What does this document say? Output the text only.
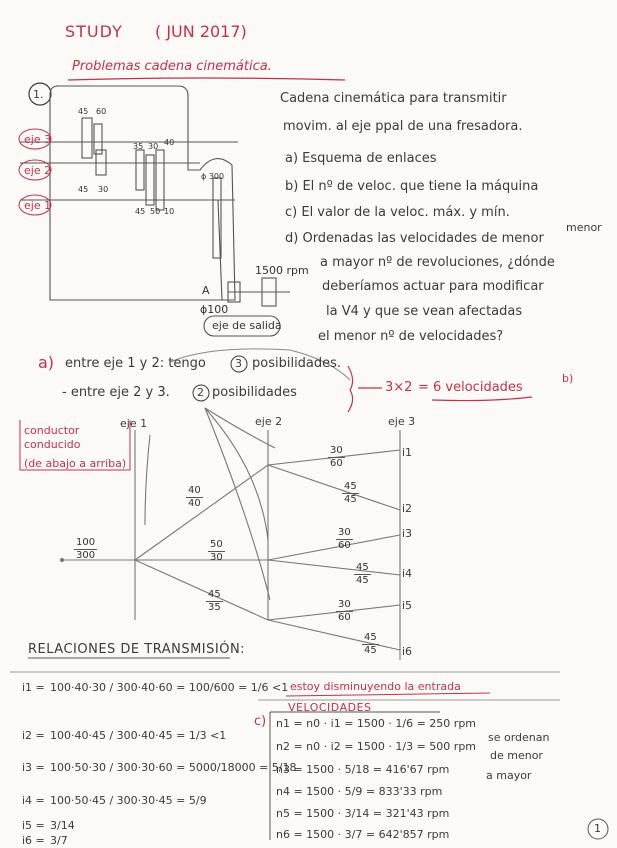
STUDY ( JUN 2017)
Problemas cadena cinemática.
1.	Cadena cinemática para transmitir
movim. al eje ppal de una fresadora.
a) Esquema de enlaces
b) El nº de veloc. que tiene la máquina
c) El valor de la veloc. máx. y mín.
d) Ordenadas las velocidades de menor
menor
a mayor nº de revoluciones, ¿dónde
deberíamos actuar para modificar
la V4 y que se vean afectadas
el menor nº de velocidades?
eje 3
eje 2
eje 1
45 60
35 30 40
45 30
45 50 10
ϕ 300
1500 rpm
A
ϕ100
eje de salida
a) entre eje 1 y 2: tengo	3 posibilidades.
- entre eje 2 y 3. 2 posibilidades	3×2 = 6 velocidades
b)
conductor
conducido
(de abajo a arriba)
eje 1	eje 2	eje 3
$\frac{100}{300}$
$\frac{40}{40}$
$\frac{50}{30}$
$\frac{45}{35}$
$\frac{30}{60}$
$\frac{45}{45}$
$\frac{30}{60}$
$\frac{45}{45}$
$\frac{30}{60}$
$\frac{45}{45}$
i1
i2
i3
i4
i5
i6
RELACIONES DE TRANSMISIÓN:
i1 = 100·40·30 / 300·40·60 = 100/600 = 1/6 <1 estoy disminuyendo la entrada
i2 = 100·40·45 / 300·40·45 = 1/3 <1
i3 = 100·50·30 / 300·30·60 = 5000/18000 = 5/18
i4 = 100·50·45 / 300·30·45 = 5/9
i5 = 3/14
i6 = 3/7
c)
VELOCIDADES
n1 = n0 · i1 = 1500 · 1/6 = 250 rpm
n2 = n0 · i2 = 1500 · 1/3 = 500 rpm
n3 = 1500 · 5/18 = 416'67 rpm
n4 = 1500 · 5/9 = 833'33 rpm
n5 = 1500 · 3/14 = 321'43 rpm
n6 = 1500 · 3/7 = 642'857 rpm
se ordenan
de menor
a mayor
1
